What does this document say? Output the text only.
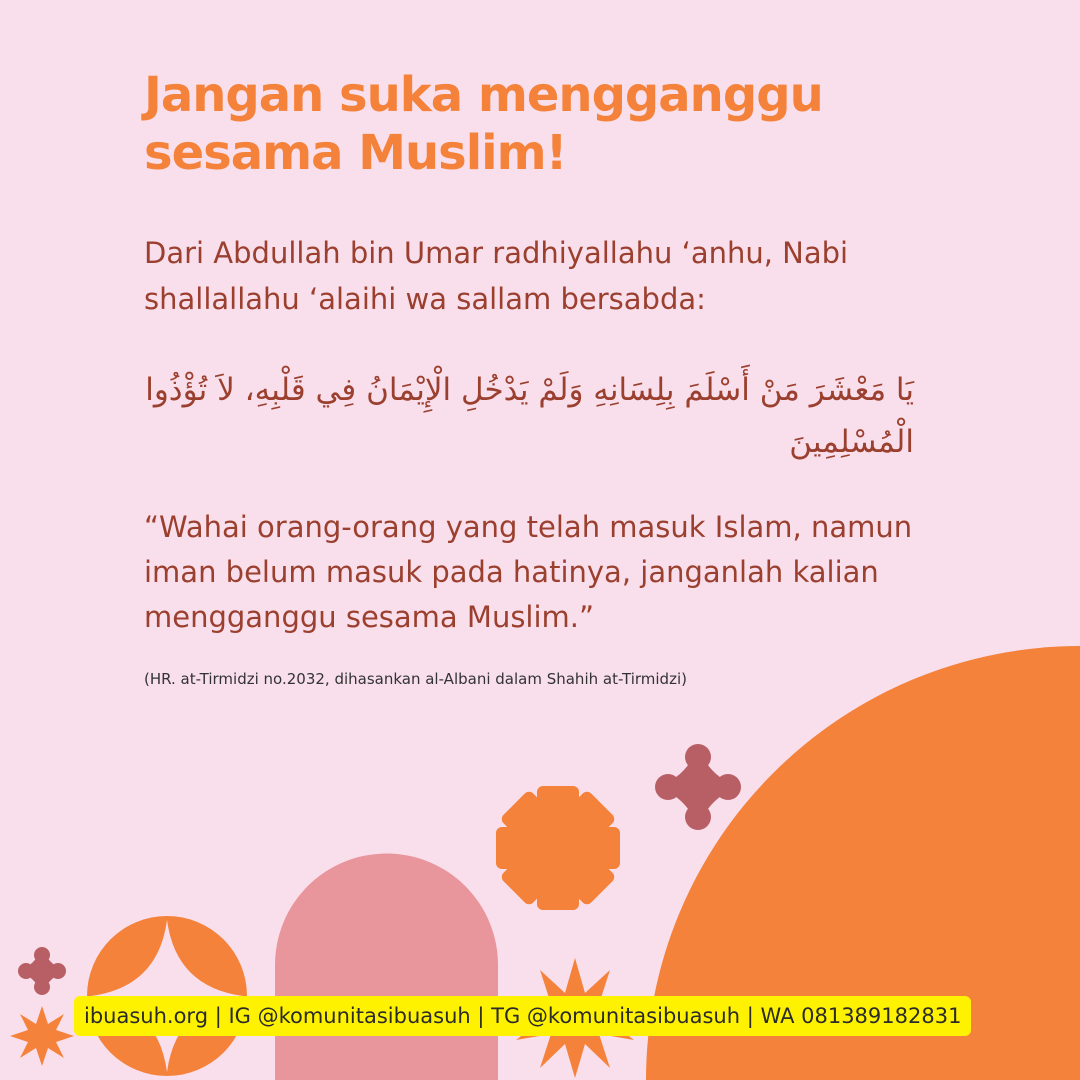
Jangan suka mengganggu sesama Muslim!

Dari Abdullah bin Umar radhiyallahu ‘anhu, Nabi shallallahu ‘alaihi wa sallam bersabda:

يَا مَعْشَرَ مَنْ أَسْلَمَ بِلِسَانِهِ وَلَمْ يَدْخُلِ الْإِيْمَانُ فِي قَلْبِهِ، لاَ تُؤْذُوا الْمُسْلِمِينَ

“Wahai orang-orang yang telah masuk Islam, namun iman belum masuk pada hatinya, janganlah kalian mengganggu sesama Muslim.”

(HR. at-Tirmidzi no.2032, dihasankan al-Albani dalam Shahih at-Tirmidzi)

ibuasuh.org | IG @komunitasibuasuh | TG @komunitasibuasuh | WA 081389182831
